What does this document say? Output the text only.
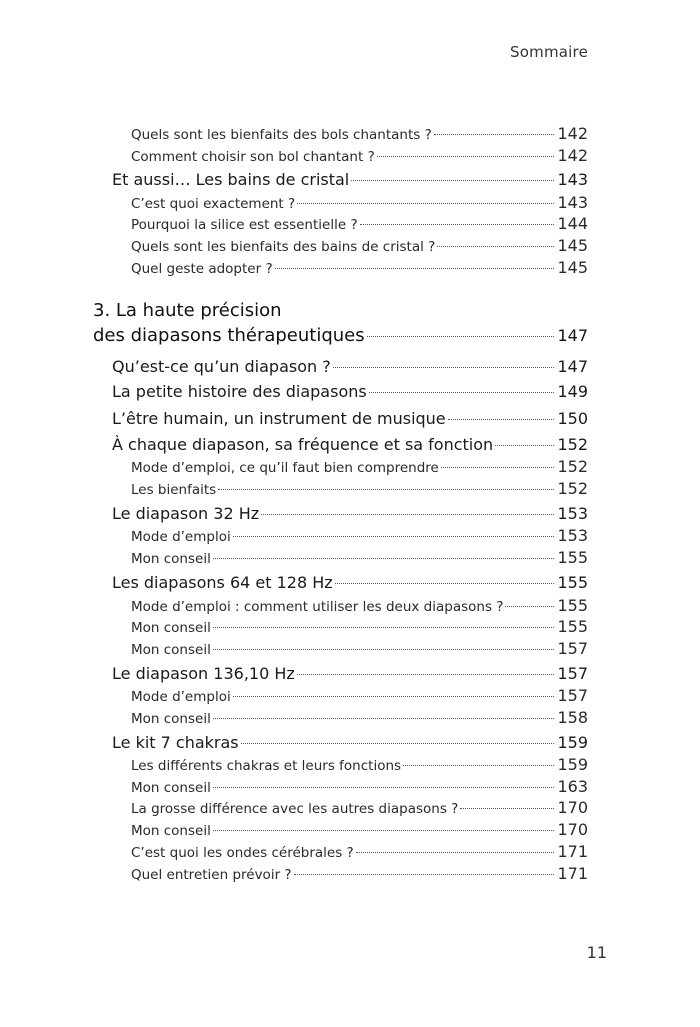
Sommaire
Quels sont les bienfaits des bols chantants ?	142
Comment choisir son bol chantant ?	142
Et aussi… Les bains de cristal	143
C’est quoi exactement ?	143
Pourquoi la silice est essentielle ?	144
Quels sont les bienfaits des bains de cristal ?	145
Quel geste adopter ?	145
3. La haute précision
des diapasons thérapeutiques	147
Qu’est-ce qu’un diapason ?	147
La petite histoire des diapasons	149
L’être humain, un instrument de musique	150
À chaque diapason, sa fréquence et sa fonction	152
Mode d’emploi, ce qu’il faut bien comprendre	152
Les bienfaits	152
Le diapason 32 Hz	153
Mode d’emploi	153
Mon conseil	155
Les diapasons 64 et 128 Hz	155
Mode d’emploi : comment utiliser les deux diapasons ?	155
Mon conseil	155
Mon conseil	157
Le diapason 136,10 Hz	157
Mode d’emploi	157
Mon conseil	158
Le kit 7 chakras	159
Les différents chakras et leurs fonctions	159
Mon conseil	163
La grosse différence avec les autres diapasons ?	170
Mon conseil	170
C’est quoi les ondes cérébrales ?	171
Quel entretien prévoir ?	171
11
